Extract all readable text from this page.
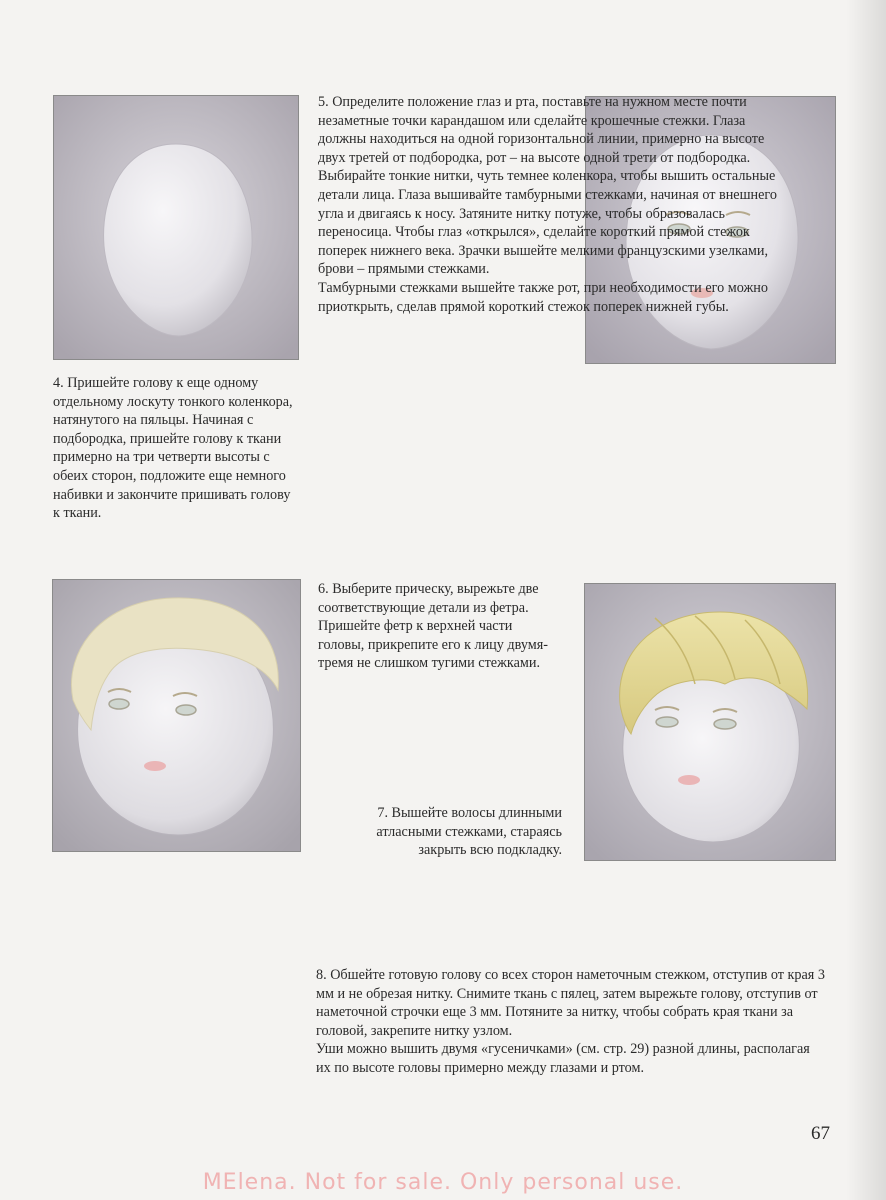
4. Пришейте голову к еще одному отдельному лоскуту тонкого коленкора, натянутого на пяльцы. Начиная с подбородка, пришейте голову к ткани примерно на три четверти высоты с обеих сторон, подложите еще немного набивки и закончите пришивать голову к ткани.

5. Определите положение глаз и рта, поставьте на нужном месте почти незаметные точки карандашом или сделайте крошечные стежки. Глаза должны находиться на одной горизонтальной линии, примерно на высоте двух третей от подбородка, рот – на высоте одной трети от подбородка. Выбирайте тонкие нитки, чуть темнее коленкора, чтобы вышить остальные детали лица. Глаза вышивайте тамбурными стежками, начиная от внешнего угла и двигаясь к носу. Затяните нитку потуже, чтобы образовалась переносица. Чтобы глаз «открылся», сделайте короткий прямой стежок поперек нижнего века. Зрачки вышейте мелкими французскими узелками, брови – прямыми стежками.

Тамбурными стежками вышейте также рот, при необходимости его можно приоткрыть, сделав прямой короткий стежок поперек нижней губы.

6. Выберите прическу, вырежьте две соответствующие детали из фетра. Пришейте фетр к верхней части головы, прикрепите его к лицу двумя-тремя не слишком тугими стежками.
7. Вышейте волосы длинными атласными стежками, стараясь закрыть всю подкладку.

8. Обшейте готовую голову со всех сторон наметочным стежком, отступив от края 3 мм и не обрезая нитку. Снимите ткань с пялец, затем вырежьте голову, отступив от наметочной строчки еще 3 мм. Потяните за нитку, чтобы собрать края ткани за головой, закрепите нитку узлом.

Уши можно вышить двумя «гусеничками» (см. стр. 29) разной длины, располагая их по высоте головы примерно между глазами и ртом.

67
MElena. Not for sale. Only personal use.
